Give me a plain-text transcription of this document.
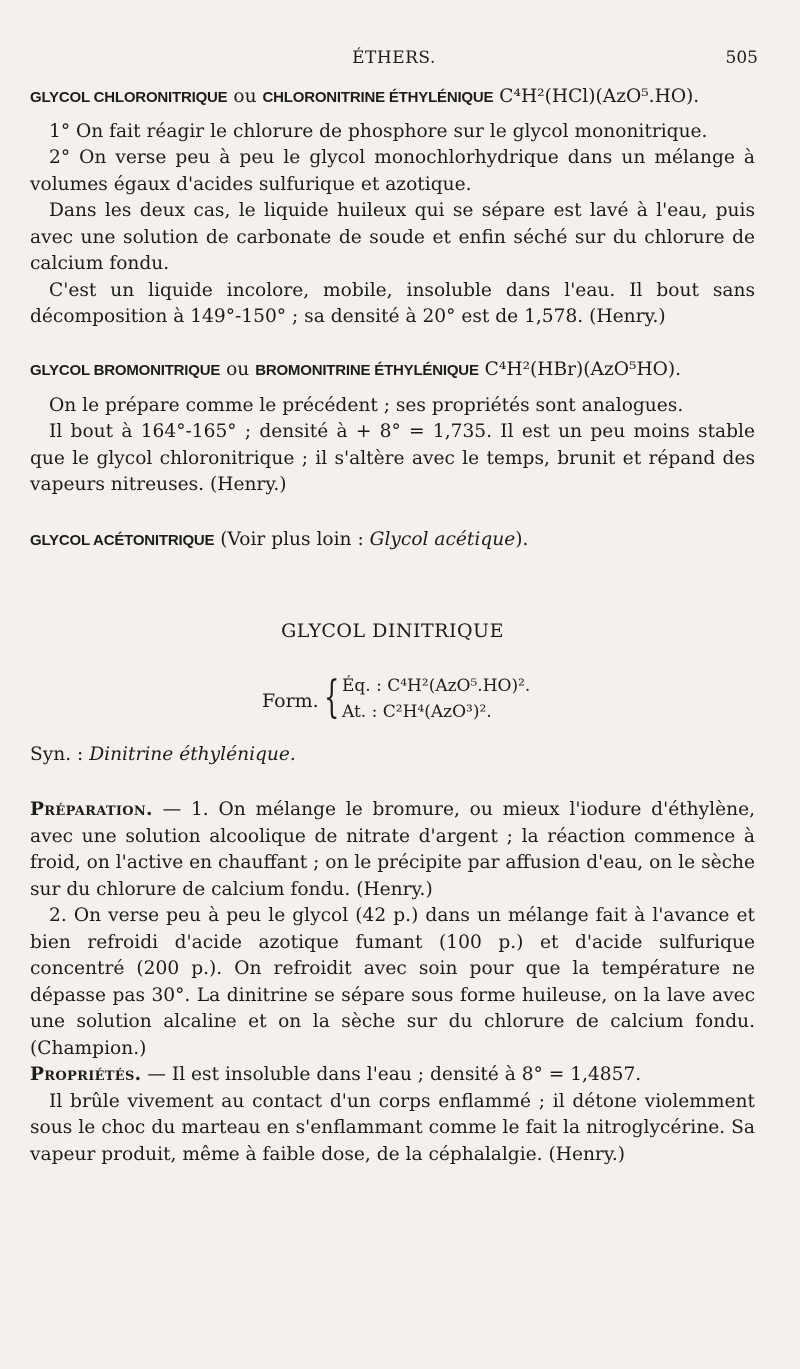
ÉTHERS.	505

GLYCOL CHLORONITRIQUE ou CHLORONITRINE ÉTHYLÉNIQUE C⁴H²(HCl)(AzO⁵.HO).

1° On fait réagir le chlorure de phosphore sur le glycol mononitrique.

2° On verse peu à peu le glycol monochlorhydrique dans un mélange à volumes égaux d'acides sulfurique et azotique.

Dans les deux cas, le liquide huileux qui se sépare est lavé à l'eau, puis avec une solution de carbonate de soude et enfin séché sur du chlorure de calcium fondu.

C'est un liquide incolore, mobile, insoluble dans l'eau. Il bout sans décomposition à 149°-150° ; sa densité à 20° est de 1,578. (Henry.)

GLYCOL BROMONITRIQUE ou BROMONITRINE ÉTHYLÉNIQUE C⁴H²(HBr)(AzO⁵HO).

On le prépare comme le précédent ; ses propriétés sont analogues.

Il bout à 164°-165° ; densité à + 8° = 1,735. Il est un peu moins stable que le glycol chloronitrique ; il s'altère avec le temps, brunit et répand des vapeurs nitreuses. (Henry.)

GLYCOL ACÉTONITRIQUE (Voir plus loin : Glycol acétique).

GLYCOL DINITRIQUE
Form. { Éq. : C⁴H²(AzO⁵.HO)².
At. : C²H⁴(AzO³)².

Syn. : Dinitrine éthylénique.

Préparation. — 1. On mélange le bromure, ou mieux l'iodure d'éthylène, avec une solution alcoolique de nitrate d'argent ; la réaction commence à froid, on l'active en chauffant ; on le précipite par affusion d'eau, on le sèche sur du chlorure de calcium fondu. (Henry.)

2. On verse peu à peu le glycol (42 p.) dans un mélange fait à l'avance et bien refroidi d'acide azotique fumant (100 p.) et d'acide sulfurique concentré (200 p.). On refroidit avec soin pour que la température ne dépasse pas 30°. La dinitrine se sépare sous forme huileuse, on la lave avec une solution alcaline et on la sèche sur du chlorure de calcium fondu. (Champion.)

Propriétés. — Il est insoluble dans l'eau ; densité à 8° = 1,4857.

Il brûle vivement au contact d'un corps enflammé ; il détone violemment sous le choc du marteau en s'enflammant comme le fait la nitroglycérine. Sa vapeur produit, même à faible dose, de la céphalalgie. (Henry.)
